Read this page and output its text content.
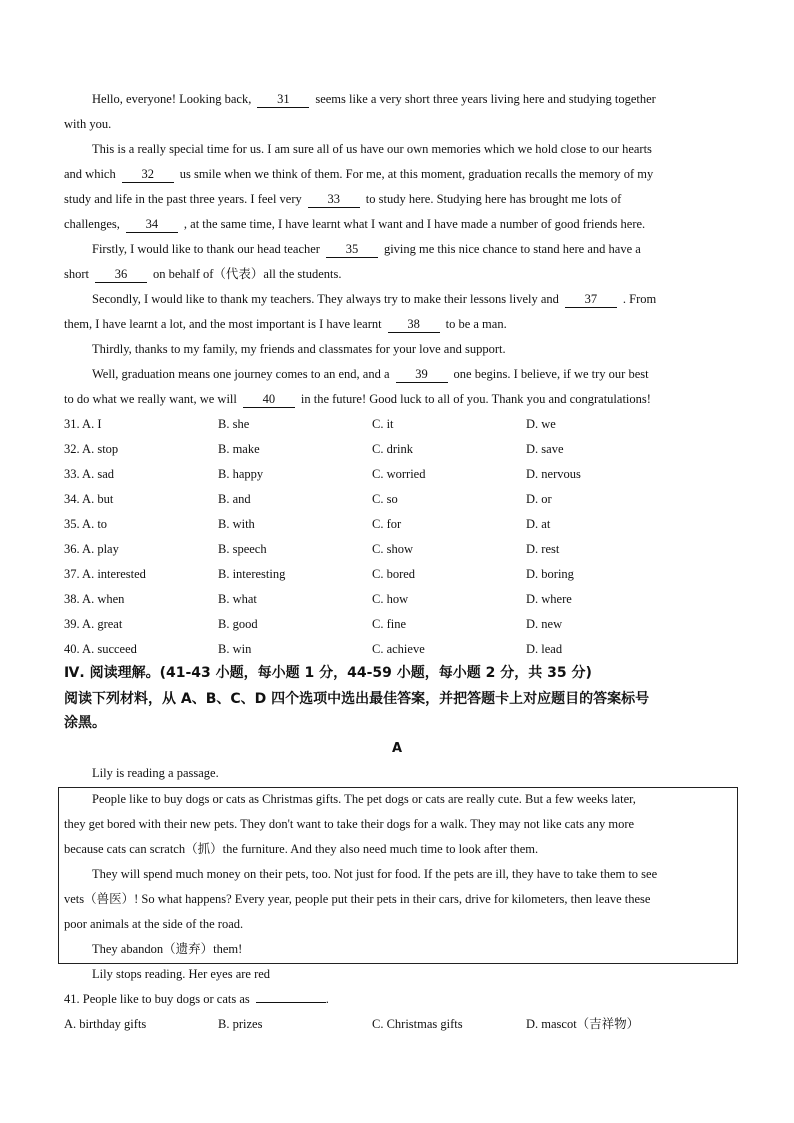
Hello, everyone! Looking back, 31 seems like a very short three years living here and studying together
with you.
This is a really special time for us. I am sure all of us have our own memories which we hold close to our hearts
and which 32 us smile when we think of them. For me, at this moment, graduation recalls the memory of my
study and life in the past three years. I feel very 33 to study here. Studying here has brought me lots of
challenges, 34 , at the same time, I have learnt what I want and I have made a number of good friends here.
Firstly, I would like to thank our head teacher 35 giving me this nice chance to stand here and have a
short 36 on behalf of（代表）all the students.
Secondly, I would like to thank my teachers. They always try to make their lessons lively and 37 . From
them, I have learnt a lot, and the most important is I have learnt 38 to be a man.
Thirdly, thanks to my family, my friends and classmates for your love and support.
Well, graduation means one journey comes to an end, and a 39 one begins. I believe, if we try our best
to do what we really want, we will 40 in the future! Good luck to all of you. Thank you and congratulations!
31. A. I	B. she	C. it	D. we
32. A. stop	B. make	C. drink	D. save
33. A. sad	B. happy	C. worried	D. nervous
34. A. but	B. and	C. so	D. or
35. A. to	B. with	C. for	D. at
36. A. play	B. speech	C. show	D. rest
37. A. interested	B. interesting	C. bored	D. boring
38. A. when	B. what	C. how	D. where
39. A. great	B. good	C. fine	D. new
40. A. succeed	B. win	C. achieve	D. lead
Ⅳ. 阅读理解。(41-43 小题，每小题 1 分，44-59 小题，每小题 2 分，共 35 分)
阅读下列材料，从 A、B、C、D 四个选项中选出最佳答案，并把答题卡上对应题目的答案标号
涂黑。
A
Lily is reading a passage.
People like to buy dogs or cats as Christmas gifts. The pet dogs or cats are really cute. But a few weeks later,
they get bored with their new pets. They don't want to take their dogs for a walk. They may not like cats any more
because cats can scratch（抓）the furniture. And they also need much time to look after them.
They will spend much money on their pets, too. Not just for food. If the pets are ill, they have to take them to see
vets（兽医）! So what happens? Every year, people put their pets in their cars, drive for kilometers, then leave these
poor animals at the side of the road.
They abandon（遗弃）them!
Lily stops reading. Her eyes are red
41. People like to buy dogs or cats as	.
A. birthday gifts	B. prizes	C. Christmas gifts	D. mascot（吉祥物）
